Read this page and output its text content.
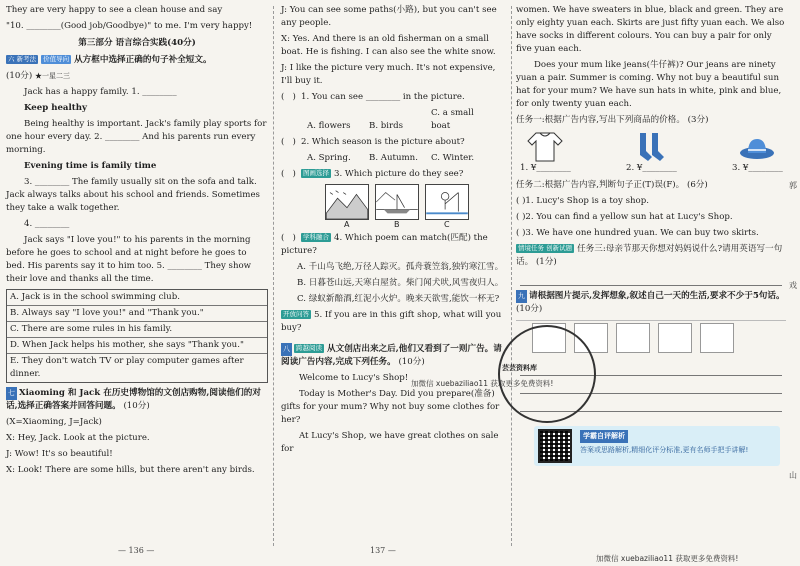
They are very happy to see a clean house and say

"10. ________(Good job/Goodbye)" to me. I'm very happy!

第三部分 语言综合实践(40分)

六 新考法 价值导向 从方框中选择正确的句子补全短文。

(10分) ★一星二三

Jack has a happy family. 1. ________

Keep healthy

Being healthy is important. Jack's family play sports for one hour every day. 2. ________ And his parents run every morning.

Evening time is family time

3. ________ The family usually sit on the sofa and talk. Jack always talks about his school and friends. Sometimes they take a walk together.

4. ________

Jack says "I love you!" to his parents in the morning before he goes to school and at night before he goes to bed. His parents say it to him too. 5. ________ They show their love and thanks all the time.

A. Jack is in the school swimming club.
B. Always say "I love you!" and "Thank you."
C. There are some rules in his family.
D. When Jack helps his mother, she says "Thank you."
E. They don't watch TV or play computer games after dinner.

七 Xiaoming 和 Jack 在历史博物馆的文创店购物,阅读他们的对话,选择正确答案并回答问题。 (10分)

(X=Xiaoming, J=Jack)

X: Hey, Jack. Look at the picture.

J: Wow! It's so beautiful!

X: Look! There are some hills, but there aren't any birds.

J: You can see some paths(小路), but you can't see any people.

X: Yes. And there is an old fisherman on a small boat. He is fishing. I can also see the white snow.

J: I like the picture very much. It's not expensive, I'll buy it.

(   ) 1. You can see ________ in the picture.

A. flowers B. birdsC. a small boat

(   ) 2. Which season is the picture about?

A. Spring. B. Autumn. C. Winter.

(   ) 图画选择 3. Which picture do they see?

A	B	C

(   ) 学科融合 4. Which poem can match(匹配) the picture?

A. 千山鸟飞绝,万径人踪灭。孤舟蓑笠翁,独钓寒江雪。

B. 日暮苍山远,天寒白屋贫。柴门闻犬吠,风雪夜归人。

C. 绿蚁新醅酒,红泥小火炉。晚来天欲雪,能饮一杯无?

开放问答 5. If you are in this gift shop, what will you buy?

八 跨越阅读 从文创店出来之后,他们又看到了一则广告。请阅读广告内容,完成下列任务。 (10分)

Welcome to Lucy's Shop!

Today is Mother's Day. Did you prepare(准备) gifts for your mum? Why not buy some clothes for her?

At Lucy's Shop, we have great clothes on sale for

women. We have sweaters in blue, black and green. They are only eighty yuan each. Skirts are just fifty yuan each. We also have socks in different colours. You can buy a pair for only five yuan each.

Does your mum like jeans(牛仔裤)? Our jeans are ninety yuan a pair. Summer is coming. Why not buy a beautiful sun hat for your mum? We have sun hats in white, pink and blue, for only twenty yuan each.

任务一:根据广告内容,写出下列商品的价格。 (3分)

1. ¥________	2. ¥________	3. ¥________

任务二:根据广告内容,判断句子正(T)误(F)。 (6分)

( )1. Lucy's Shop is a toy shop.

( )2. You can find a yellow sun hat at Lucy's Shop.

( )3. We have one hundred yuan. We can buy two skirts.

情境任务 创新试题 任务三:母亲节那天你想对妈妈说什么?请用英语写一句话。 (1分)

九 请根据图片提示,发挥想象,叙述自己一天的生活,要求不少于5句话。 (10分)

学霸自评解析
答案或思路解析,精细化评分标准,更有名师手把手讲解!
芸芸资料库
加微信 xuebaziliao11 获取更多免费资料!
加微信 xuebaziliao11 获取更多免费资料!
— 136 —	137 —
郭
戏
山
